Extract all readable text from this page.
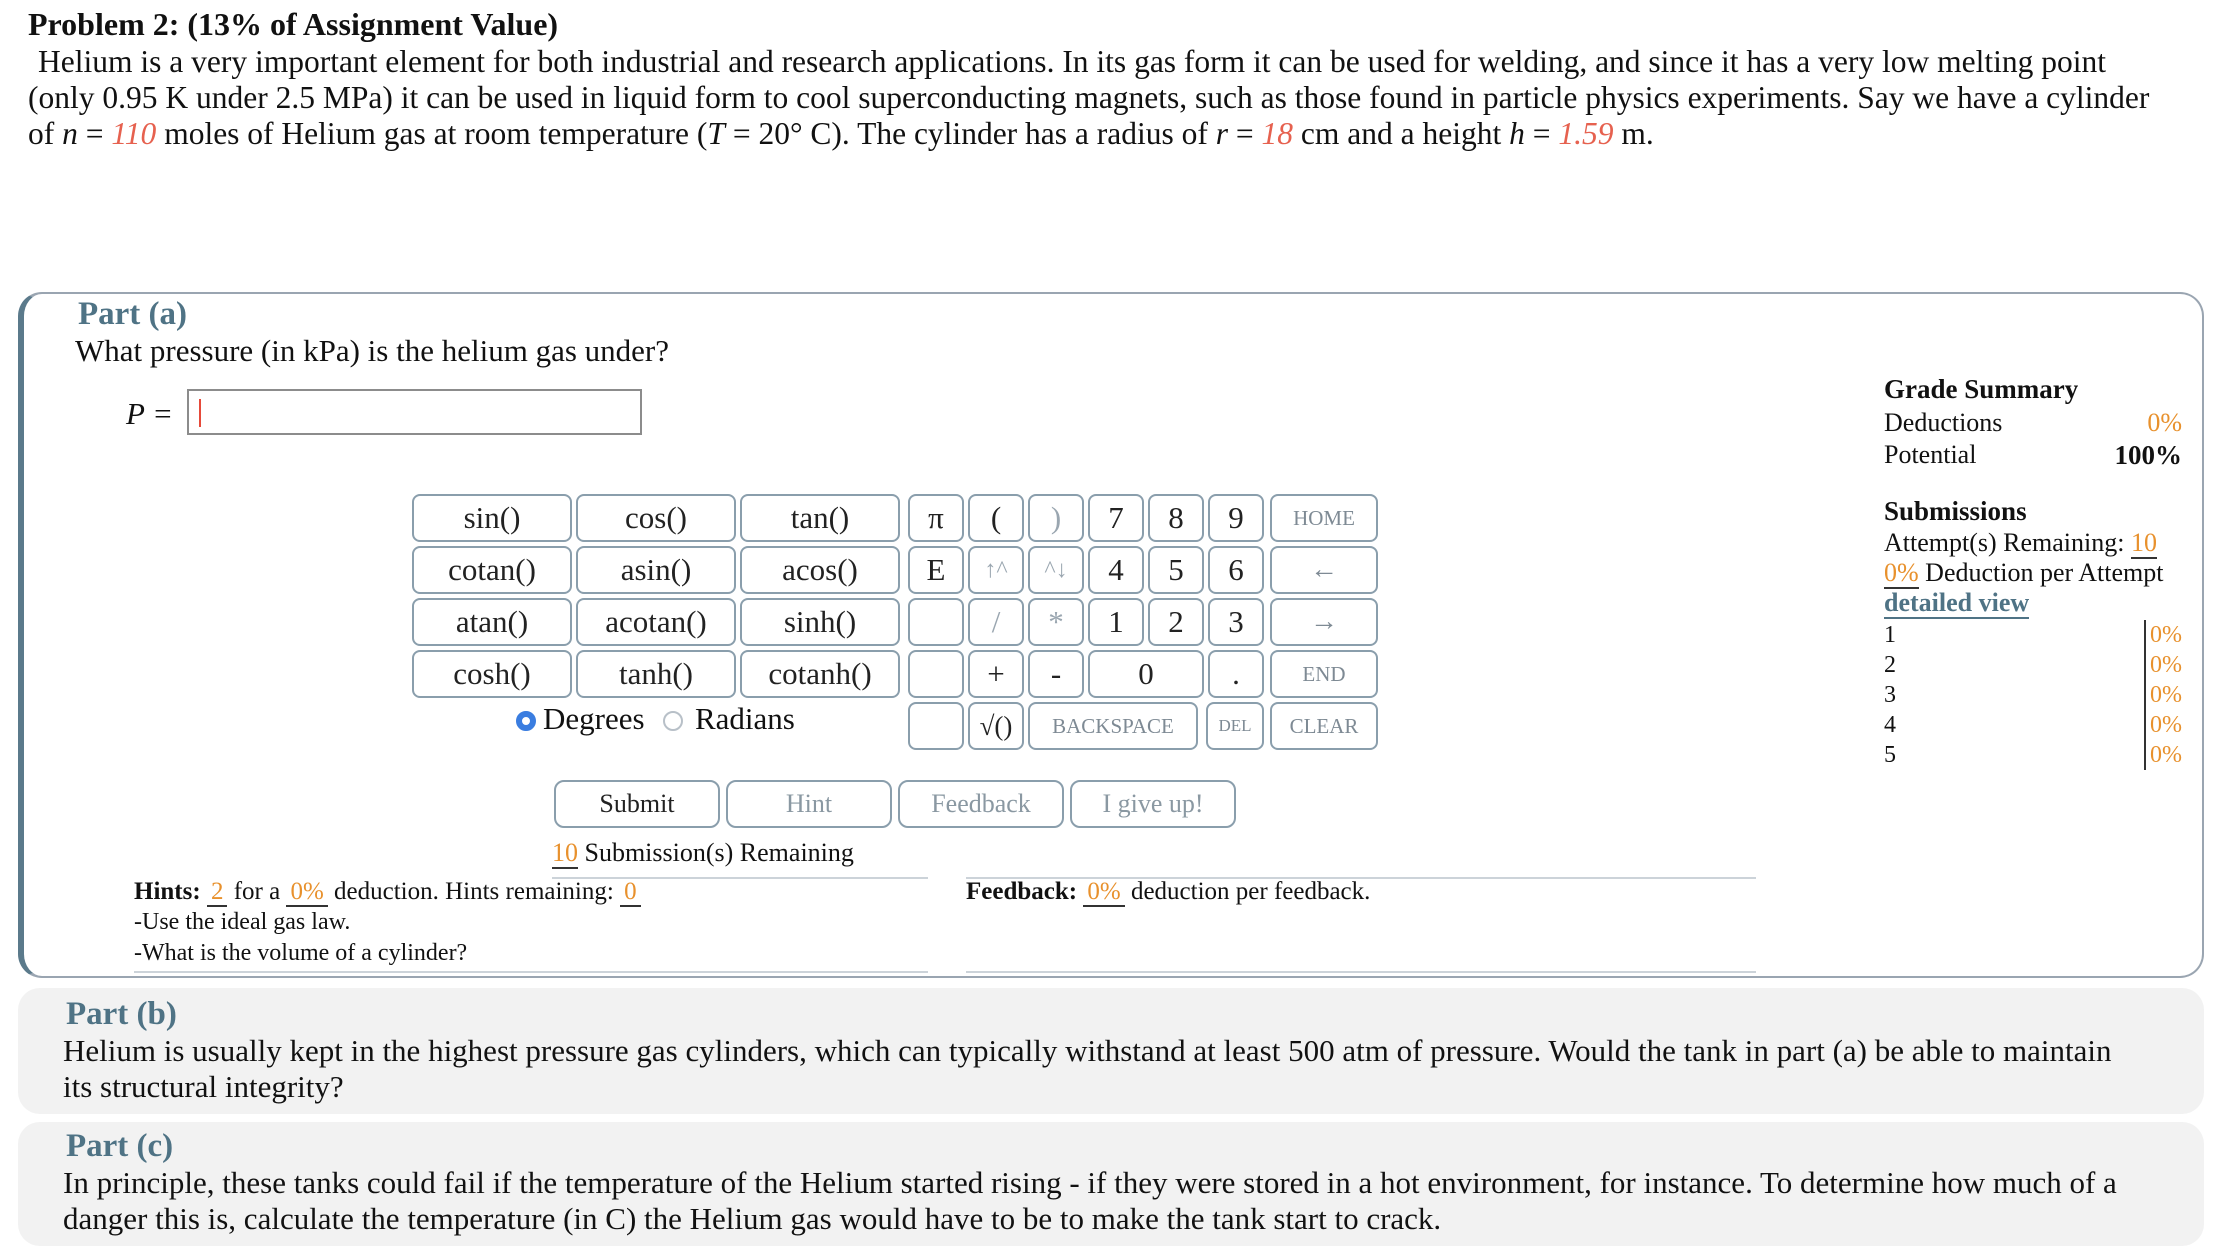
Problem 2: (13% of Assignment Value)
Helium is a very important element for both industrial and research applications. In its gas form it can be used for welding, and since it has a very low melting point
(only 0.95 K under 2.5 MPa) it can be used in liquid form to cool superconducting magnets, such as those found in particle physics experiments. Say we have a cylinder
of n = 110 moles of Helium gas at room temperature (T = 20° C). The cylinder has a radius of r = 18 cm and a height h = 1.59 m.
Part (a)
What pressure (in kPa) is the helium gas under?
P =
sin()	cos()	tan()
cotan()	asin()	acos()
atan()	acotan()	sinh()
cosh()	tanh()	cotanh()
Degrees Radians
π
E
(
↑^
/
+
√()
)
^↓
*
-
7	8	9
4	5	6
1	2	3
0	.
HOME
←
→
END
BACKSPACE	DEL	CLEAR
Submit	Hint	Feedback	I give up!
10 Submission(s) Remaining
Hints: 2 for a 0% deduction. Hints remaining: 0
-Use the ideal gas law.
-What is the volume of a cylinder?
Feedback: 0% deduction per feedback.
Grade Summary
Deductions	0%
Potential	100%
Submissions
Attempt(s) Remaining: 10
0% Deduction per Attempt
detailed view
1	0%
2	0%
3	0%
4	0%
5	0%
Part (b)
Helium is usually kept in the highest pressure gas cylinders, which can typically withstand at least 500 atm of pressure. Would the tank in part (a) be able to maintain
its structural integrity?
Part (c)
In principle, these tanks could fail if the temperature of the Helium started rising - if they were stored in a hot environment, for instance. To determine how much of a
danger this is, calculate the temperature (in C) the Helium gas would have to be to make the tank start to crack.
